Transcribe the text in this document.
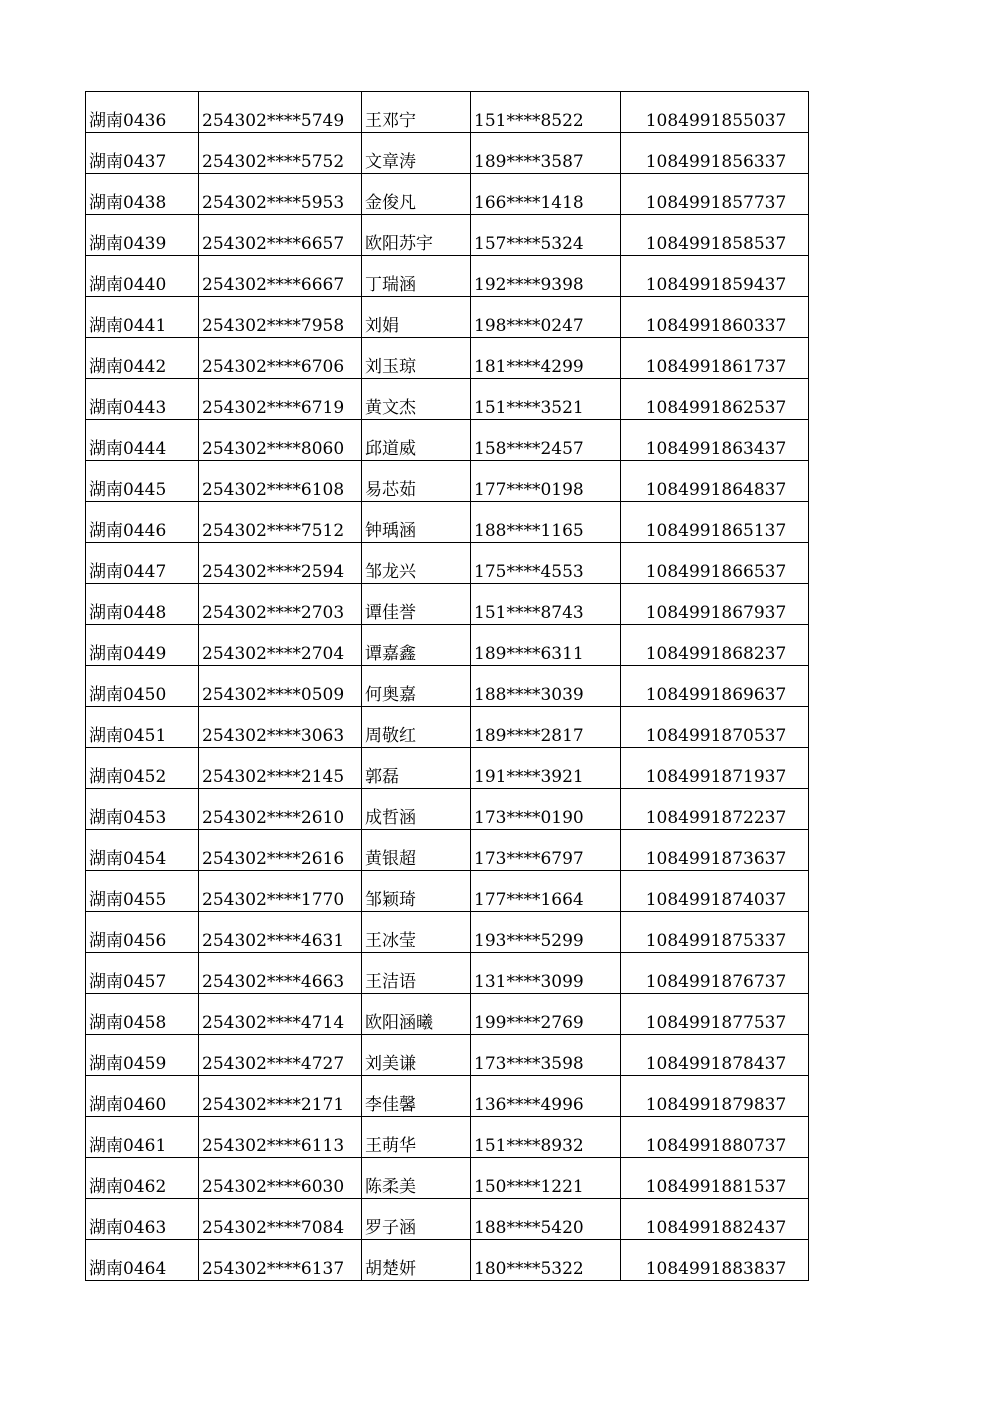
湖南0436	254302****5749	王邓宁	151****8522	1084991855037
湖南0437	254302****5752	文章涛	189****3587	1084991856337
湖南0438	254302****5953	金俊凡	166****1418	1084991857737
湖南0439	254302****6657	欧阳苏宇	157****5324	1084991858537
湖南0440	254302****6667	丁瑞涵	192****9398	1084991859437
湖南0441	254302****7958	刘娟	198****0247	1084991860337
湖南0442	254302****6706	刘玉琼	181****4299	1084991861737
湖南0443	254302****6719	黄文杰	151****3521	1084991862537
湖南0444	254302****8060	邱道威	158****2457	1084991863437
湖南0445	254302****6108	易芯茹	177****0198	1084991864837
湖南0446	254302****7512	钟瑀涵	188****1165	1084991865137
湖南0447	254302****2594	邹龙兴	175****4553	1084991866537
湖南0448	254302****2703	谭佳誉	151****8743	1084991867937
湖南0449	254302****2704	谭嘉鑫	189****6311	1084991868237
湖南0450	254302****0509	何奥嘉	188****3039	1084991869637
湖南0451	254302****3063	周敬红	189****2817	1084991870537
湖南0452	254302****2145	郭磊	191****3921	1084991871937
湖南0453	254302****2610	成哲涵	173****0190	1084991872237
湖南0454	254302****2616	黄银超	173****6797	1084991873637
湖南0455	254302****1770	邹颖琦	177****1664	1084991874037
湖南0456	254302****4631	王冰莹	193****5299	1084991875337
湖南0457	254302****4663	王洁语	131****3099	1084991876737
湖南0458	254302****4714	欧阳涵曦	199****2769	1084991877537
湖南0459	254302****4727	刘美谦	173****3598	1084991878437
湖南0460	254302****2171	李佳馨	136****4996	1084991879837
湖南0461	254302****6113	王萌华	151****8932	1084991880737
湖南0462	254302****6030	陈柔美	150****1221	1084991881537
湖南0463	254302****7084	罗子涵	188****5420	1084991882437
湖南0464	254302****6137	胡楚妍	180****5322	1084991883837
